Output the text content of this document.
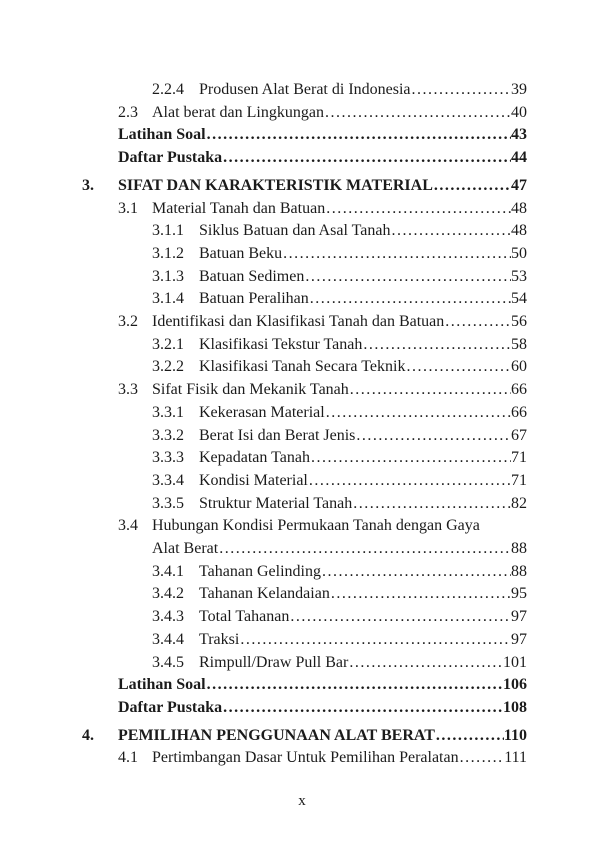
2.2.4 Produsen Alat Berat di Indonesia .....	39
2.3 Alat berat dan Lingkungan .....	40
Latihan Soal .....	43
Daftar Pustaka .....	44
3.	SIFAT DAN KARAKTERISTIK MATERIAL .....	47
3.1 Material Tanah dan Batuan .....	48
3.1.1 Siklus Batuan dan Asal Tanah .....	48
3.1.2 Batuan Beku .....	50
3.1.3 Batuan Sedimen .....	53
3.1.4 Batuan Peralihan .....	54
3.2 Identifikasi dan Klasifikasi Tanah dan Batuan .....	56
3.2.1 Klasifikasi Tekstur Tanah .....	58
3.2.2 Klasifikasi Tanah Secara Teknik .....	60
3.3 Sifat Fisik dan Mekanik Tanah .....	66
3.3.1 Kekerasan Material .....	66
3.3.2 Berat Isi dan Berat Jenis .....	67
3.3.3 Kepadatan Tanah .....	71
3.3.4 Kondisi Material .....	71
3.3.5 Struktur Material Tanah .....	82
3.4 Hubungan Kondisi Permukaan Tanah dengan Gaya
Alat Berat .....	88
3.4.1 Tahanan Gelinding .....	88
3.4.2 Tahanan Kelandaian .....	95
3.4.3 Total Tahanan .....	97
3.4.4 Traksi .....	97
3.4.5 Rimpull/Draw Pull Bar .....	101
Latihan Soal .....	106
Daftar Pustaka .....	108
4.	PEMILIHAN PENGGUNAAN ALAT BERAT .....	110
4.1 Pertimbangan Dasar Untuk Pemilihan Peralatan .....	111
x
